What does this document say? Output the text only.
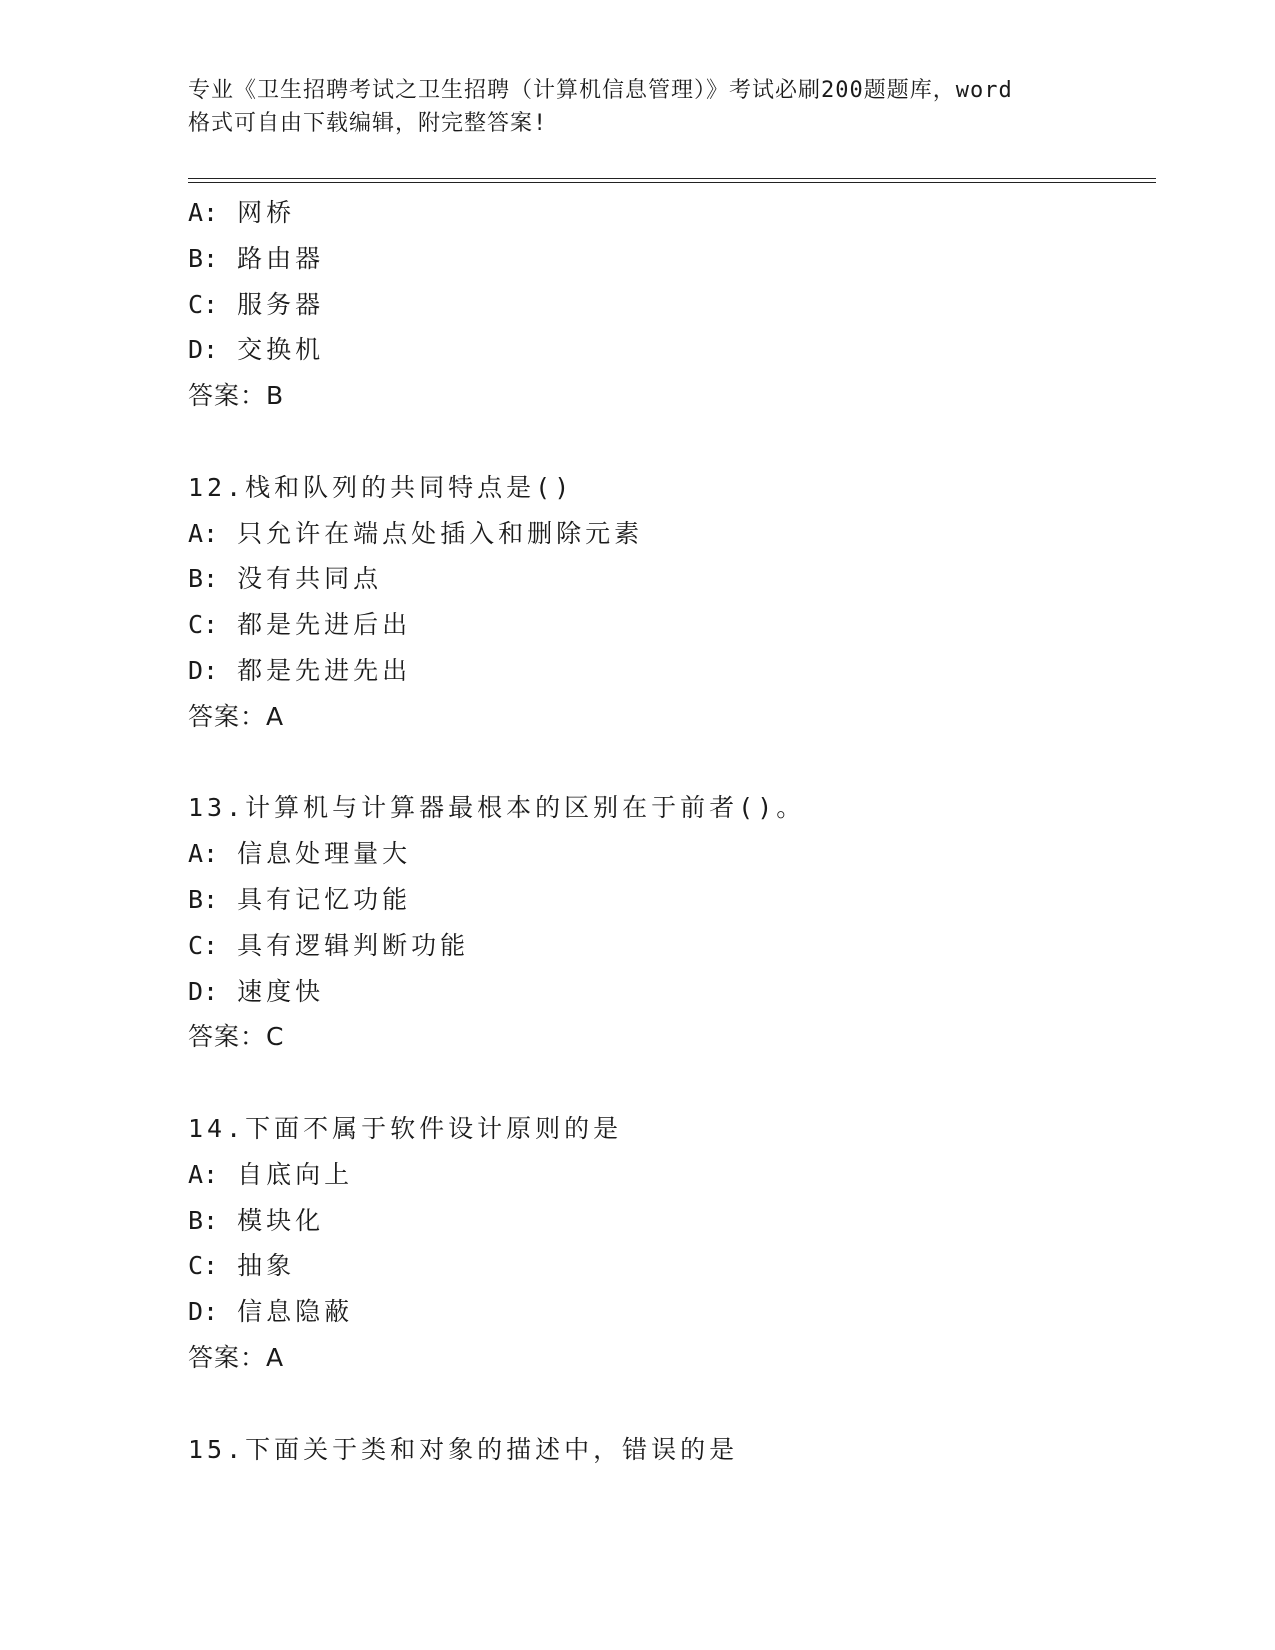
专业《卫生招聘考试之卫生招聘（计算机信息管理）》考试必刷200题题库，word
格式可自由下载编辑，附完整答案!
A: 网桥
B: 路由器
C: 服务器
D: 交换机
答案：B
12.栈和队列的共同特点是()
A: 只允许在端点处插入和删除元素
B: 没有共同点
C: 都是先进后出
D: 都是先进先出
答案：A
13.计算机与计算器最根本的区别在于前者()。
A: 信息处理量大
B: 具有记忆功能
C: 具有逻辑判断功能
D: 速度快
答案：C
14.下面不属于软件设计原则的是
A: 自底向上
B: 模块化
C: 抽象
D: 信息隐蔽
答案：A
15.下面关于类和对象的描述中，错误的是
